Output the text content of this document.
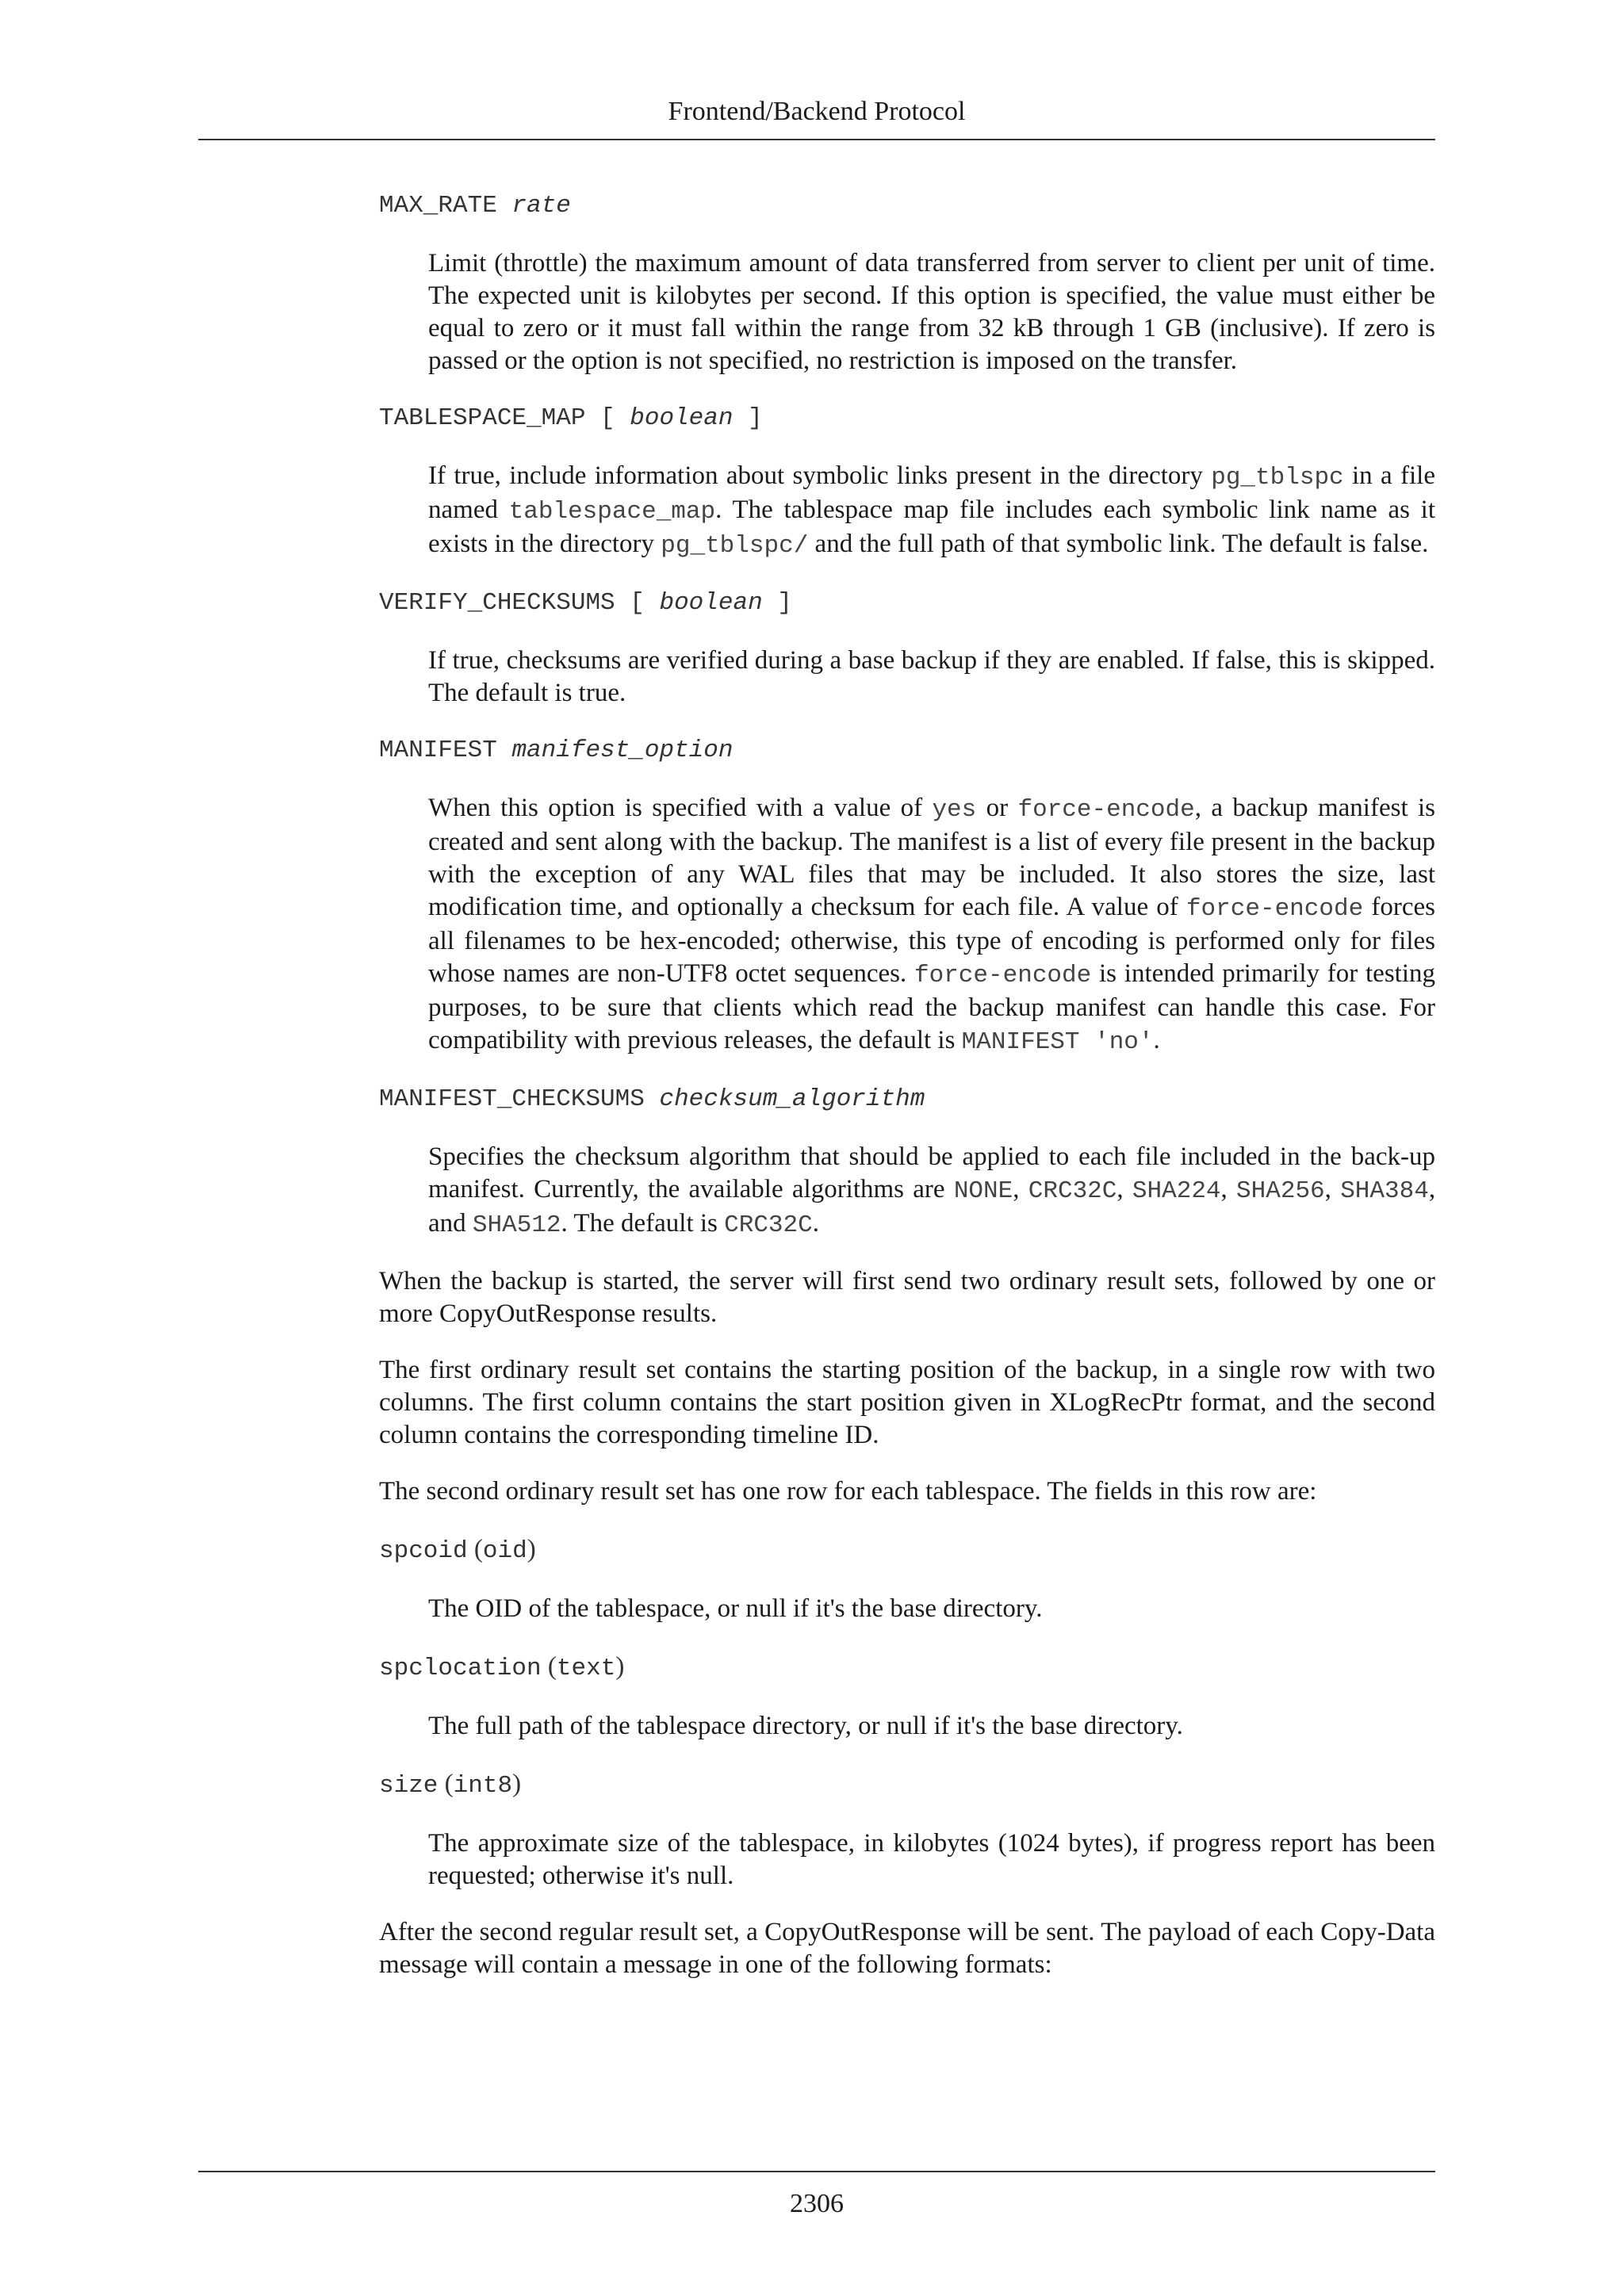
Frontend/Backend Protocol
MAX_RATE rate

Limit (throttle) the maximum amount of data transferred from server to client per unit of time. The expected unit is kilobytes per second. If this option is specified, the value must either be equal to zero or it must fall within the range from 32 kB through 1 GB (inclusive). If zero is passed or the option is not specified, no restriction is imposed on the transfer.

TABLESPACE_MAP [ boolean ]

If true, include information about symbolic links present in the directory pg_tblspc in a file named tablespace_map. The tablespace map file includes each symbolic link name as it exists in the directory pg_tblspc/ and the full path of that symbolic link. The default is false.

VERIFY_CHECKSUMS [ boolean ]

If true, checksums are verified during a base backup if they are enabled. If false, this is skipped. The default is true.

MANIFEST manifest_option

When this option is specified with a value of yes or force-encode, a backup manifest is created and sent along with the backup. The manifest is a list of every file present in the backup with the exception of any WAL files that may be included. It also stores the size, last modification time, and optionally a checksum for each file. A value of force-encode forces all filenames to be hex-encoded; otherwise, this type of encoding is performed only for files whose names are non-UTF8 octet sequences. force-encode is intended primarily for testing purposes, to be sure that clients which read the backup manifest can handle this case. For compatibility with previous releases, the default is MANIFEST 'no'.

MANIFEST_CHECKSUMS checksum_algorithm

Specifies the checksum algorithm that should be applied to each file included in the back-up manifest. Currently, the available algorithms are NONE, CRC32C, SHA224, SHA256, SHA384, and SHA512. The default is CRC32C.

When the backup is started, the server will first send two ordinary result sets, followed by one or more CopyOutResponse results.

The first ordinary result set contains the starting position of the backup, in a single row with two columns. The first column contains the start position given in XLogRecPtr format, and the second column contains the corresponding timeline ID.

The second ordinary result set has one row for each tablespace. The fields in this row are:

spcoid (oid)

The OID of the tablespace, or null if it's the base directory.

spclocation (text)

The full path of the tablespace directory, or null if it's the base directory.

size (int8)

The approximate size of the tablespace, in kilobytes (1024 bytes), if progress report has been requested; otherwise it's null.

After the second regular result set, a CopyOutResponse will be sent. The payload of each Copy-Data message will contain a message in one of the following formats:

2306
